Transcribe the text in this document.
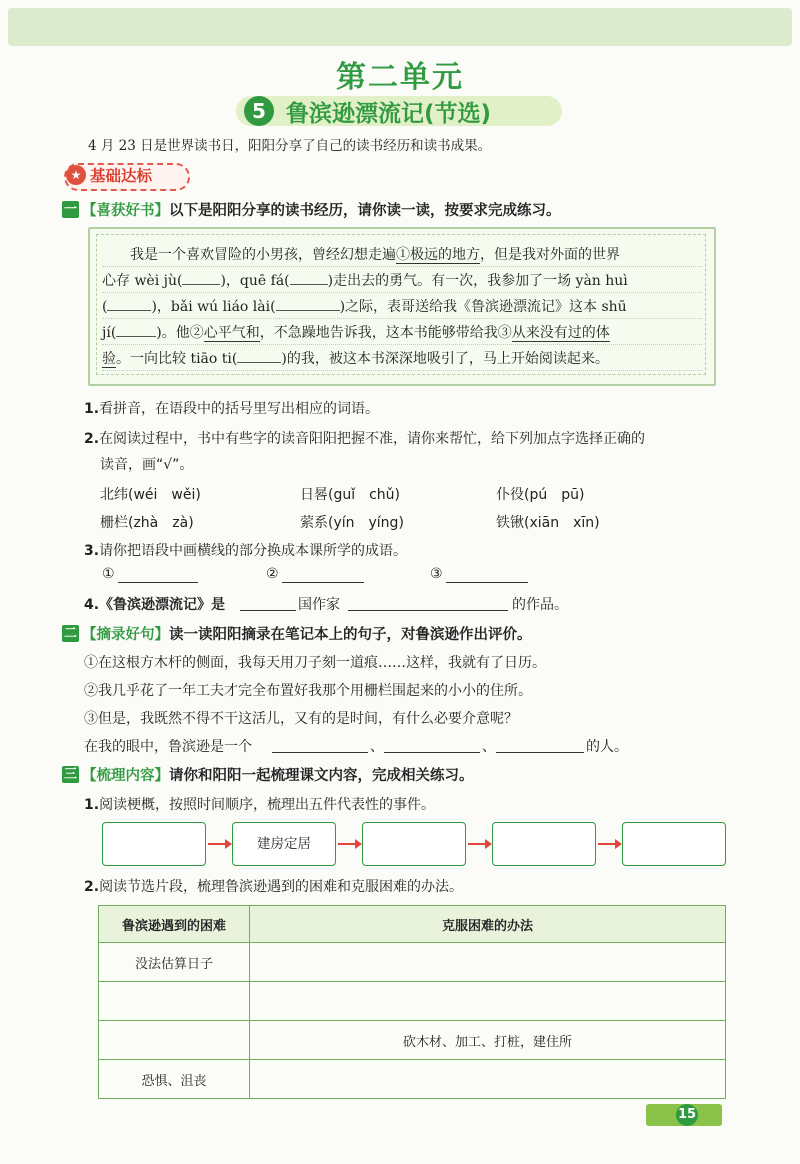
第二单元
5 鲁滨逊漂流记(节选)
4 月 23 日是世界读书日，阳阳分享了自己的读书经历和读书成果。
★ 基础达标
一 【喜获好书】以下是阳阳分享的读书经历，请你读一读，按要求完成练习。
我是一个喜欢冒险的小男孩，曾经幻想走遍①极远的地方，但是我对外面的世界
心存 wèi jù(	)，quē fá(	)走出去的勇气。有一次，我参加了一场 yàn huì
(	)，bǎi wú liáo lài(	)之际，表哥送给我《鲁滨逊漂流记》这本 shū
jí(	)。他②心平气和，不急躁地告诉我，这本书能够带给我③从来没有过的体
验。一向比较 tiāo ti(	)的我，被这本书深深地吸引了，马上开始阅读起来。
1.看拼音，在语段中的括号里写出相应的词语。
2.在阅读过程中，书中有些字的读音阳阳把握不准，请你来帮忙，给下列加点字选择正确的
读音，画“√”。
北纬(wéi　wěi)	日晷(guǐ　chǔ)	仆役(pú　pū)
栅栏(zhà　zà)	萦系(yín　yíng)	铁锹(xiān　xīn)
3.请你把语段中画横线的部分换成本课所学的成语。
①	②	③
4.《鲁滨逊漂流记》是	国作家	的作品。
二 【摘录好句】读一读阳阳摘录在笔记本上的句子，对鲁滨逊作出评价。
①在这根方木杆的侧面，我每天用刀子刻一道痕……这样，我就有了日历。
②我几乎花了一年工夫才完全布置好我那个用栅栏围起来的小小的住所。
③但是，我既然不得不干这活儿，又有的是时间，有什么必要介意呢？
在我的眼中，鲁滨逊是一个	、	、	的人。
三 【梳理内容】请你和阳阳一起梳理课文内容，完成相关练习。
1.阅读梗概，按照时间顺序，梳理出五件代表性的事件。
建房定居
2.阅读节选片段，梳理鲁滨逊遇到的困难和克服困难的办法。
鲁滨逊遇到的困难	克服困难的办法
没法估算日子	

	砍木材、加工、打桩，建住所
恐惧、沮丧	
15
